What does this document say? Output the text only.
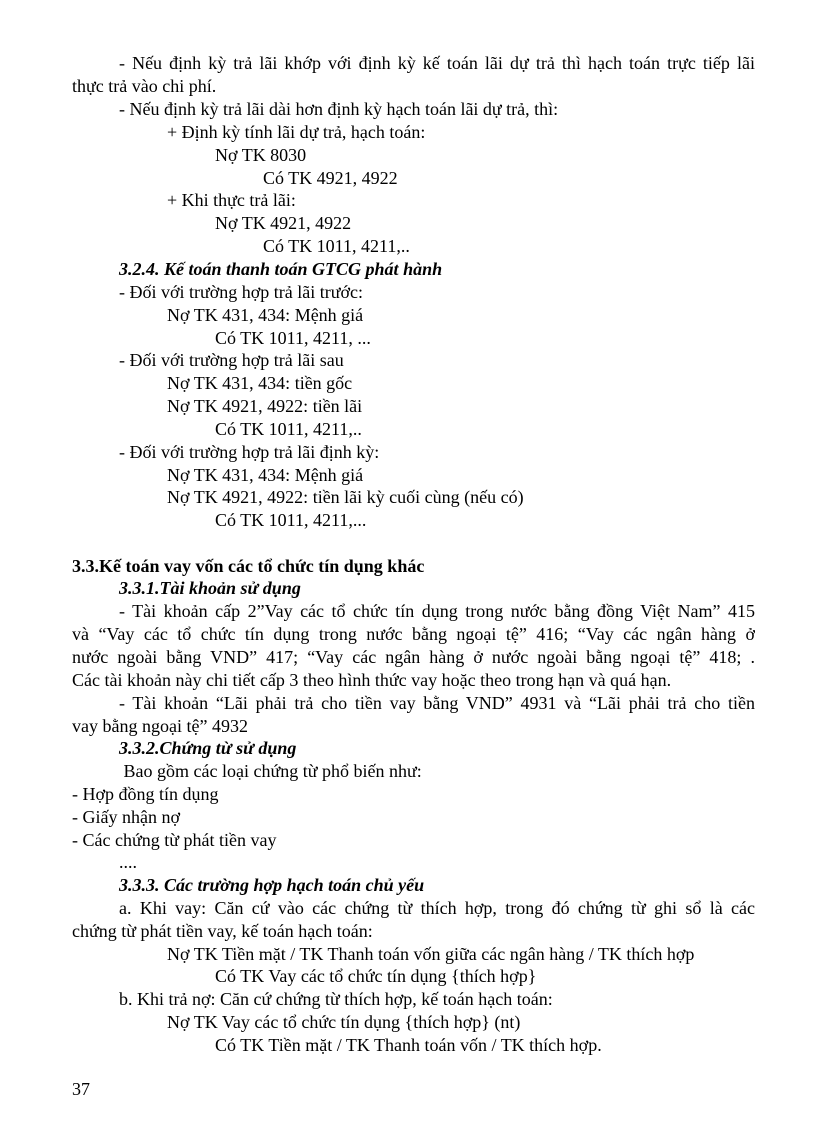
- Nếu định kỳ trả lãi khớp với định kỳ kế toán lãi dự trả thì hạch toán trực tiếp lãi
thực trả vào chi phí.
- Nếu định kỳ trả lãi dài hơn định kỳ hạch toán lãi dự trả, thì:
+ Định kỳ tính lãi dự trả, hạch toán:
Nợ TK 8030
Có TK 4921, 4922
+ Khi thực trả lãi:
Nợ TK 4921, 4922
Có TK 1011, 4211,..
3.2.4. Kế toán thanh toán GTCG phát hành
- Đối với trường hợp trả lãi trước:
Nợ TK 431, 434: Mệnh giá
Có TK 1011, 4211, ...
- Đối với trường hợp trả lãi sau
Nợ TK 431, 434: tiền gốc
Nợ TK 4921, 4922: tiền lãi
Có TK 1011, 4211,..
- Đối với trường hợp trả lãi định kỳ:
Nợ TK 431, 434: Mệnh giá
Nợ TK 4921, 4922: tiền lãi kỳ cuối cùng (nếu có)
Có TK 1011, 4211,...
3.3.Kế toán vay vốn các tổ chức tín dụng khác
3.3.1.Tài khoản sử dụng
- Tài khoản cấp 2”Vay các tổ chức tín dụng trong nước bằng đồng Việt Nam” 415
và “Vay các tổ chức tín dụng trong nước bằng ngoại tệ” 416; “Vay các ngân hàng ở
nước ngoài bằng VND” 417; “Vay các ngân hàng ở nước ngoài bằng ngoại tệ” 418; .
Các tài khoản này chi tiết cấp 3 theo hình thức vay hoặc theo trong hạn và quá hạn.
- Tài khoản “Lãi phải trả cho tiền vay bằng VND” 4931 và “Lãi phải trả cho tiền
vay bằng ngoại tệ” 4932
3.3.2.Chứng từ sử dụng
Bao gồm các loại chứng từ phổ biến như:
- Hợp đồng tín dụng
- Giấy nhận nợ
- Các chứng từ phát tiền vay
....
3.3.3. Các trường hợp hạch toán chủ yếu
a. Khi vay: Căn cứ vào các chứng từ thích hợp, trong đó chứng từ ghi sổ là các
chứng từ phát tiền vay, kế toán hạch toán:
Nợ TK Tiền mặt / TK Thanh toán vốn giữa các ngân hàng / TK thích hợp
Có TK Vay các tổ chức tín dụng {thích hợp}
b. Khi trả nợ: Căn cứ chứng từ thích hợp, kế toán hạch toán:
Nợ TK Vay các tổ chức tín dụng {thích hợp} (nt)
Có TK Tiền mặt / TK Thanh toán vốn / TK thích hợp.
37
